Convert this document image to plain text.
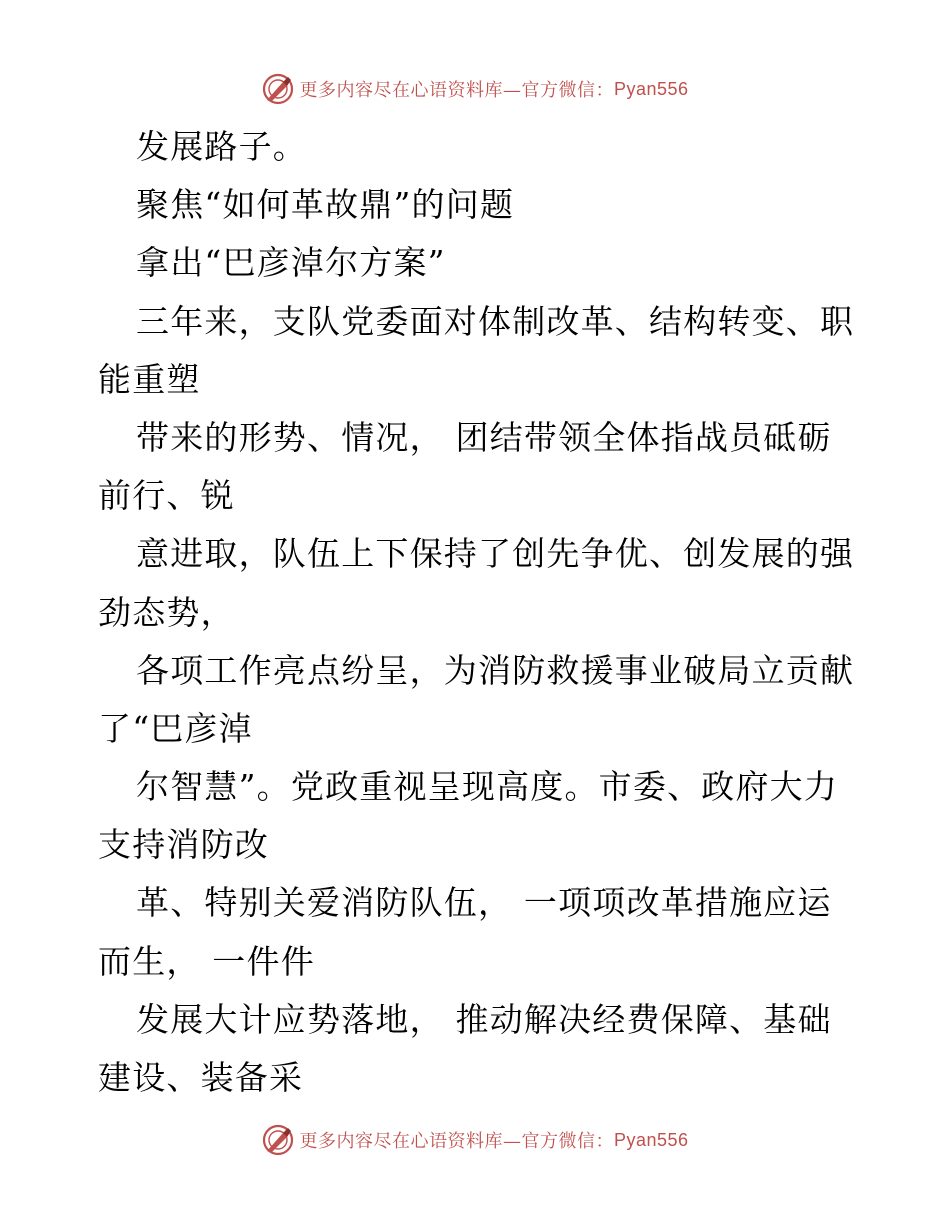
更多内容尽在心语资料库—官方微信： Pyan556
发展路子。
聚焦“如何革故鼎”的问题
拿出“巴彦淖尔方案”
三年来，支队党委面对体制改革、结构转变、职
能重塑
带来的形势、情况， 团结带领全体指战员砥砺
前行、锐
意进取，队伍上下保持了创先争优、创发展的强
劲态势，
各项工作亮点纷呈，为消防救援事业破局立贡献
了“巴彦淖
尔智慧”。党政重视呈现高度。市委、政府大力
支持消防改
革、特别关爱消防队伍， 一项项改革措施应运
而生， 一件件
发展大计应势落地， 推动解决经费保障、基础
建设、装备采
更多内容尽在心语资料库—官方微信： Pyan556
